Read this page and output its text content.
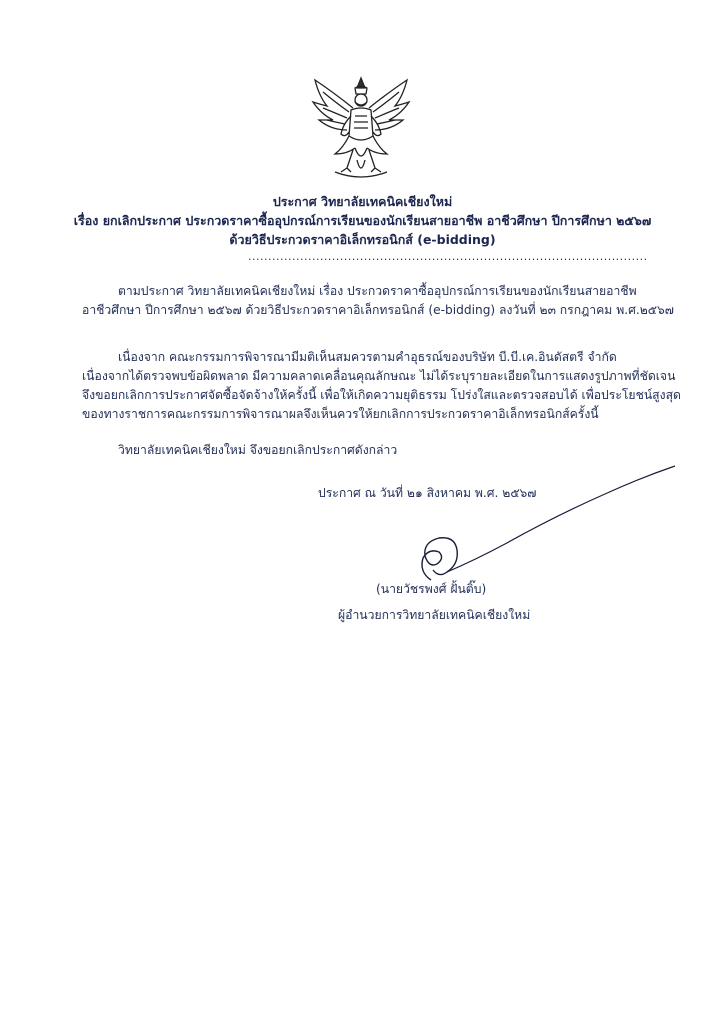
ประกาศ วิทยาลัยเทคนิคเชียงใหม่
เรื่อง ยกเลิกประกาศ ประกวดราคาซื้ออุปกรณ์การเรียนของนักเรียนสายอาชีพ อาชีวศึกษา ปีการศึกษา ๒๕๖๗
ด้วยวิธีประกวดราคาอิเล็กทรอนิกส์ (e-bidding)
....................................................................................................
ตามประกาศ วิทยาลัยเทคนิคเชียงใหม่ เรื่อง ประกวดราคาซื้ออุปกรณ์การเรียนของนักเรียนสายอาชีพ
อาชีวศึกษา ปีการศึกษา ๒๕๖๗ ด้วยวิธีประกวดราคาอิเล็กทรอนิกส์ (e-bidding) ลงวันที่ ๒๓ กรกฎาคม พ.ศ.๒๕๖๗
เนื่องจาก คณะกรรมการพิจารณามีมติเห็นสมควรตามคำอุธรณ์ของบริษัท บี.บี.เค.อินดัสตรี จำกัด
เนื่องจากได้ตรวจพบข้อผิดพลาด มีความคลาดเคลื่อนคุณลักษณะ ไม่ได้ระบุรายละเอียดในการแสดงรูปภาพที่ชัดเจน
จึงขอยกเลิกการประกาศจัดซื้อจัดจ้างให้ครั้งนี้ เพื่อให้เกิดความยุติธรรม โปร่งใสและตรวจสอบได้ เพื่อประโยชน์สูงสุด
ของทางราชการคณะกรรมการพิจารณาผลจึงเห็นควรให้ยกเลิกการประกวดราคาอิเล็กทรอนิกส์ครั้งนี้
วิทยาลัยเทคนิคเชียงใหม่ จึงขอยกเลิกประกาศดังกล่าว
ประกาศ ณ วันที่ ๒๑ สิงหาคม พ.ศ. ๒๕๖๗
(นายวัชรพงศ์ ฝั้นติ๊บ)
ผู้อำนวยการวิทยาลัยเทคนิคเชียงใหม่
